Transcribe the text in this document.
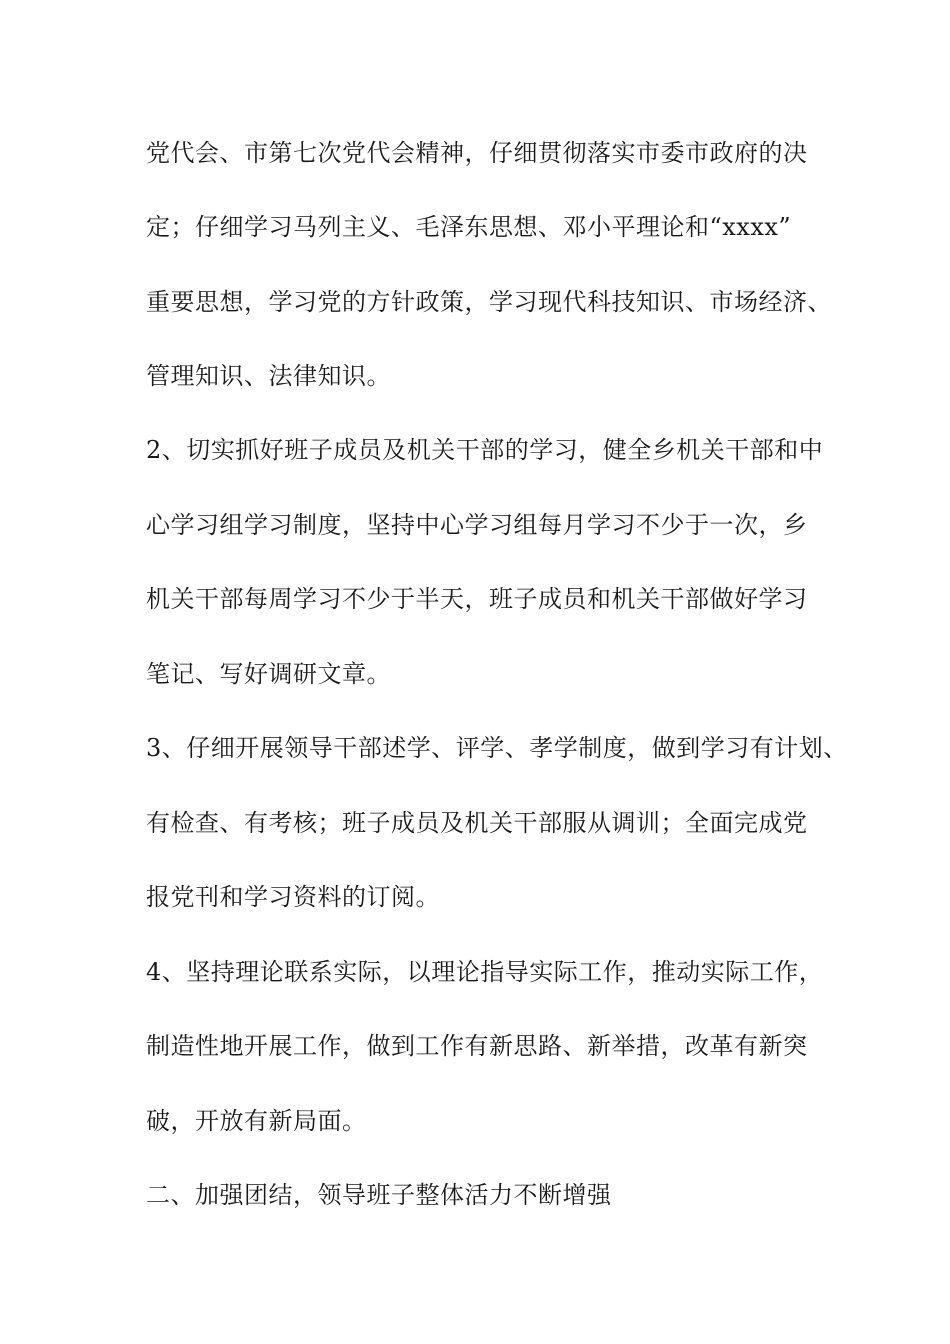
党代会、市第七次党代会精神，仔细贯彻落实市委市政府的决

定；仔细学习马列主义、毛泽东思想、邓小平理论和“xxxx”

重要思想，学习党的方针政策，学习现代科技知识、市场经济、

管理知识、法律知识。

2、切实抓好班子成员及机关干部的学习，健全乡机关干部和中

心学习组学习制度，坚持中心学习组每月学习不少于一次，乡

机关干部每周学习不少于半天，班子成员和机关干部做好学习

笔记、写好调研文章。

3、仔细开展领导干部述学、评学、孝学制度，做到学习有计划、

有检查、有考核；班子成员及机关干部服从调训；全面完成党

报党刊和学习资料的订阅。

4、坚持理论联系实际，以理论指导实际工作，推动实际工作，

制造性地开展工作，做到工作有新思路、新举措，改革有新突

破，开放有新局面。

二、加强团结，领导班子整体活力不断增强
